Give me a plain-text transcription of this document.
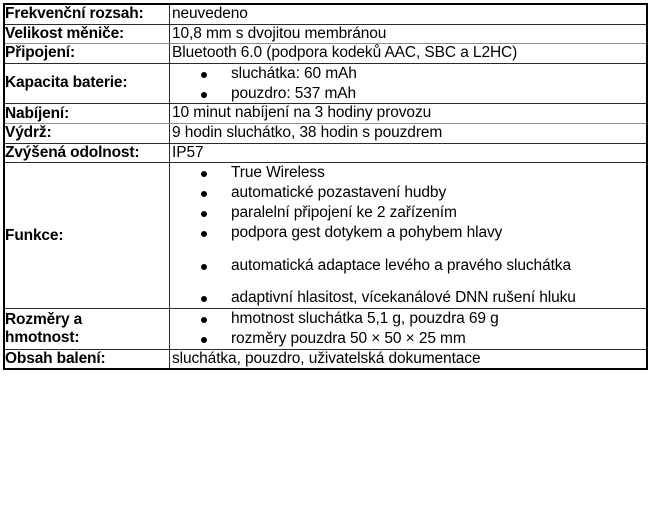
Frekvenční rozsah:	neuvedeno

Velikost měniče:	10,8 mm s dvojitou membránou

Připojení:	Bluetooth 6.0 (podpora kodeků AAC, SBC a L2HC)

Kapacita baterie:	
sluchátka: 60 mAh
pouzdro: 537 mAh

Nabíjení:	10 minut nabíjení na 3 hodiny provozu

Výdrž:	9 hodin sluchátko, 38 hodin s pouzdrem

Zvýšená odolnost:	IP57

Funkce:	
True Wireless
automatické pozastavení hudby
paralelní připojení ke 2 zařízením
podpora gest dotykem a pohybem hlavy
automatická adaptace levého a pravého sluchátka
adaptivní hlasitost, vícekanálové DNN rušení hluku

Rozměry a
hmotnost:

hmotnost sluchátka 5,1 g, pouzdra 69 g
rozměry pouzdra 50 × 50 × 25 mm

Obsah balení:	sluchátka, pouzdro, uživatelská dokumentace
